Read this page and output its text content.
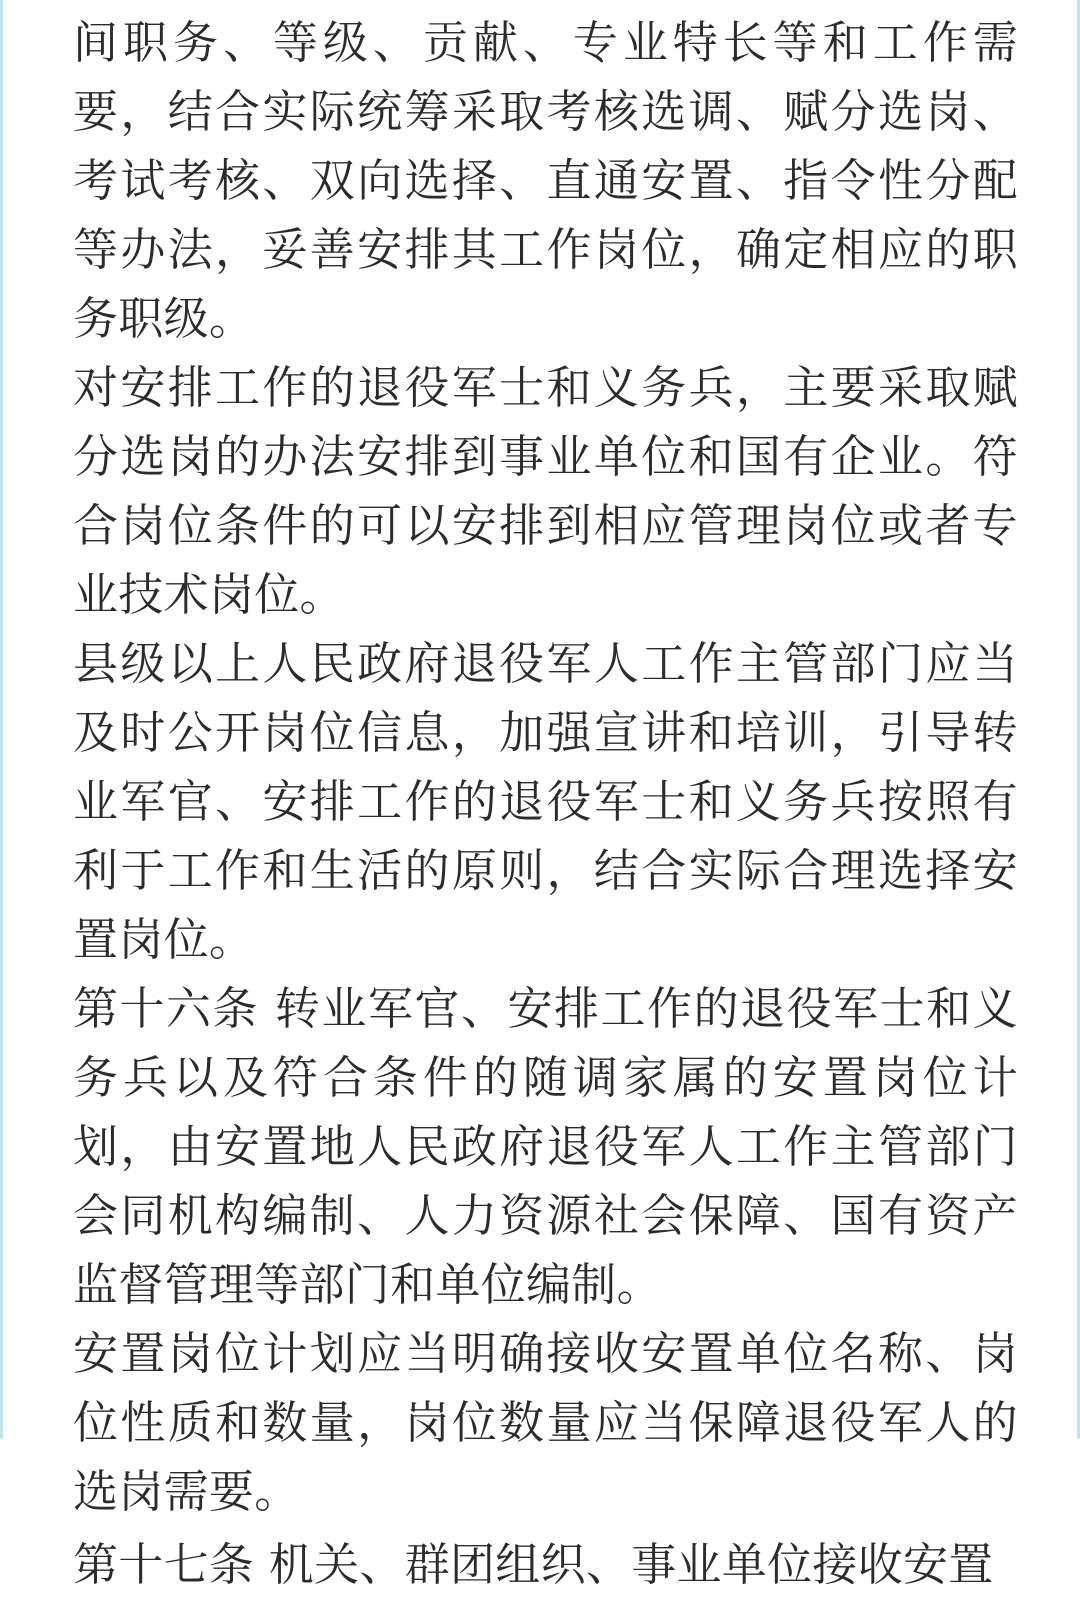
间职务、等级、贡献、专业特长等和工作需要，结合实际统筹采取考核选调、赋分选岗、考试考核、双向选择、直通安置、指令性分配等办法，妥善安排其工作岗位，确定相应的职务职级。

对安排工作的退役军士和义务兵，主要采取赋分选岗的办法安排到事业单位和国有企业。符合岗位条件的可以安排到相应管理岗位或者专业技术岗位。

县级以上人民政府退役军人工作主管部门应当及时公开岗位信息，加强宣讲和培训，引导转业军官、安排工作的退役军士和义务兵按照有利于工作和生活的原则，结合实际合理选择安置岗位。

第十六条 转业军官、安排工作的退役军士和义务兵以及符合条件的随调家属的安置岗位计划，由安置地人民政府退役军人工作主管部门会同机构编制、人力资源社会保障、国有资产监督管理等部门和单位编制。

安置岗位计划应当明确接收安置单位名称、岗位性质和数量，岗位数量应当保障退役军人的选岗需要。

第十七条 机关、群团组织、事业单位接收安置
